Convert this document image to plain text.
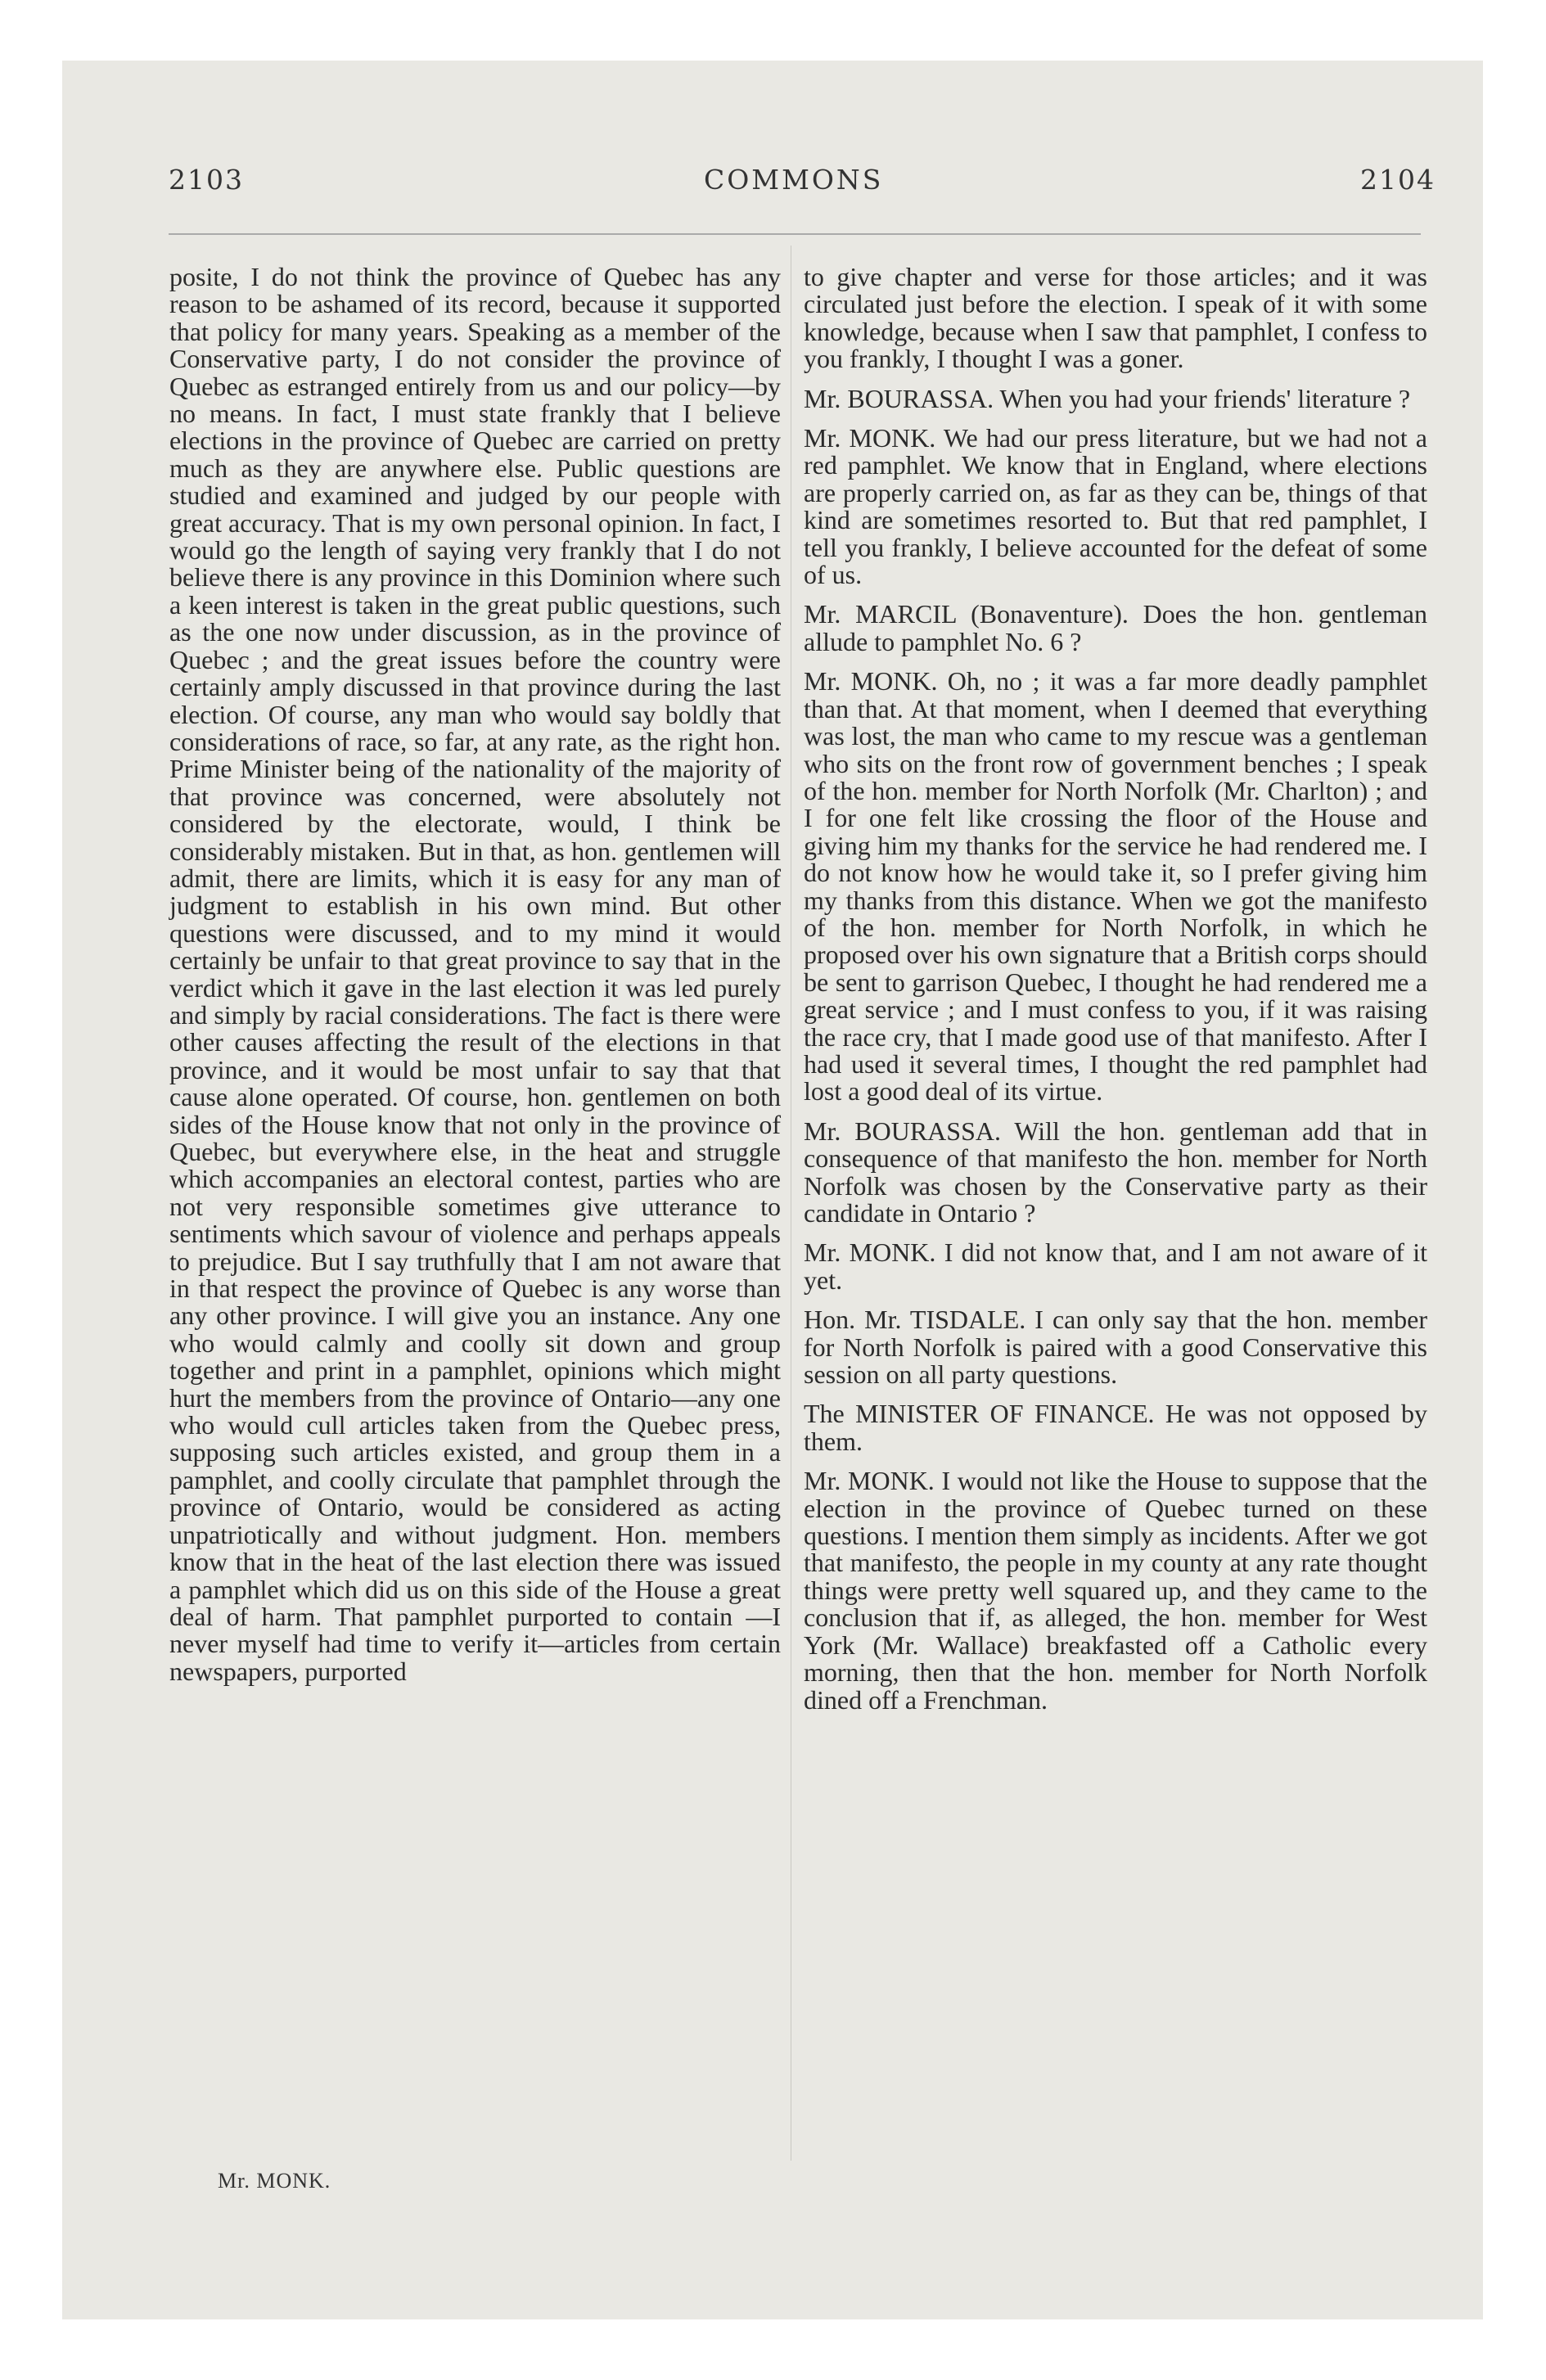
2103	COMMONS	2104

posite, I do not think the province of Quebec has any reason to be ashamed of its record, because it supported that policy for many years. Speaking as a member of the Conservative party, I do not consider the province of Quebec as estranged entirely from us and our policy—by no means. In fact, I must state frankly that I believe elections in the province of Quebec are carried on pretty much as they are anywhere else. Public questions are studied and examined and judged by our people with great accuracy. That is my own personal opinion. In fact, I would go the length of saying very frankly that I do not believe there is any province in this Dominion where such a keen interest is taken in the great public questions, such as the one now under discussion, as in the province of Quebec ; and the great issues before the country were certainly amply discussed in that province during the last election. Of course, any man who would say boldly that considerations of race, so far, at any rate, as the right hon. Prime Minister being of the nationality of the majority of that province was concerned, were absolutely not considered by the electorate, would, I think be considerably mistaken. But in that, as hon. gentlemen will admit, there are limits, which it is easy for any man of judgment to establish in his own mind. But other questions were discussed, and to my mind it would certainly be unfair to that great province to say that in the verdict which it gave in the last election it was led purely and simply by racial considerations. The fact is there were other causes affecting the result of the elections in that province, and it would be most unfair to say that that cause alone operated. Of course, hon. gentlemen on both sides of the House know that not only in the province of Quebec, but everywhere else, in the heat and struggle which accompanies an electoral contest, parties who are not very responsible sometimes give utterance to sentiments which savour of violence and perhaps appeals to prejudice. But I say truthfully that I am not aware that in that respect the province of Quebec is any worse than any other province. I will give you an instance. Any one who would calmly and coolly sit down and group together and print in a pamphlet, opinions which might hurt the members from the province of Ontario—any one who would cull articles taken from the Quebec press, supposing such articles existed, and group them in a pamphlet, and coolly circulate that pamphlet through the province of Ontario, would be considered as acting unpatriotically and without judgment. Hon. members know that in the heat of the last election there was issued a pamphlet which did us on this side of the House a great deal of harm. That pamphlet purported to contain —I never myself had time to verify it—articles from certain newspapers, purported

to give chapter and verse for those articles; and it was circulated just before the election. I speak of it with some knowledge, because when I saw that pamphlet, I confess to you frankly, I thought I was a goner.

Mr. BOURASSA. When you had your friends' literature ?

Mr. MONK. We had our press literature, but we had not a red pamphlet. We know that in England, where elections are properly carried on, as far as they can be, things of that kind are sometimes resorted to. But that red pamphlet, I tell you frankly, I believe accounted for the defeat of some of us.

Mr. MARCIL (Bonaventure). Does the hon. gentleman allude to pamphlet No. 6 ?

Mr. MONK. Oh, no ; it was a far more deadly pamphlet than that. At that moment, when I deemed that everything was lost, the man who came to my rescue was a gentleman who sits on the front row of government benches ; I speak of the hon. member for North Norfolk (Mr. Charlton) ; and I for one felt like crossing the floor of the House and giving him my thanks for the service he had rendered me. I do not know how he would take it, so I prefer giving him my thanks from this distance. When we got the manifesto of the hon. member for North Norfolk, in which he proposed over his own signature that a British corps should be sent to garrison Quebec, I thought he had rendered me a great service ; and I must confess to you, if it was raising the race cry, that I made good use of that manifesto. After I had used it several times, I thought the red pamphlet had lost a good deal of its virtue.

Mr. BOURASSA. Will the hon. gentleman add that in consequence of that manifesto the hon. member for North Norfolk was chosen by the Conservative party as their candidate in Ontario ?

Mr. MONK. I did not know that, and I am not aware of it yet.

Hon. Mr. TISDALE. I can only say that the hon. member for North Norfolk is paired with a good Conservative this session on all party questions.

The MINISTER OF FINANCE. He was not opposed by them.

Mr. MONK. I would not like the House to suppose that the election in the province of Quebec turned on these questions. I mention them simply as incidents. After we got that manifesto, the people in my county at any rate thought things were pretty well squared up, and they came to the conclusion that if, as alleged, the hon. member for West York (Mr. Wallace) breakfasted off a Catholic every morning, then that the hon. member for North Norfolk dined off a Frenchman.

Mr. MONK.
